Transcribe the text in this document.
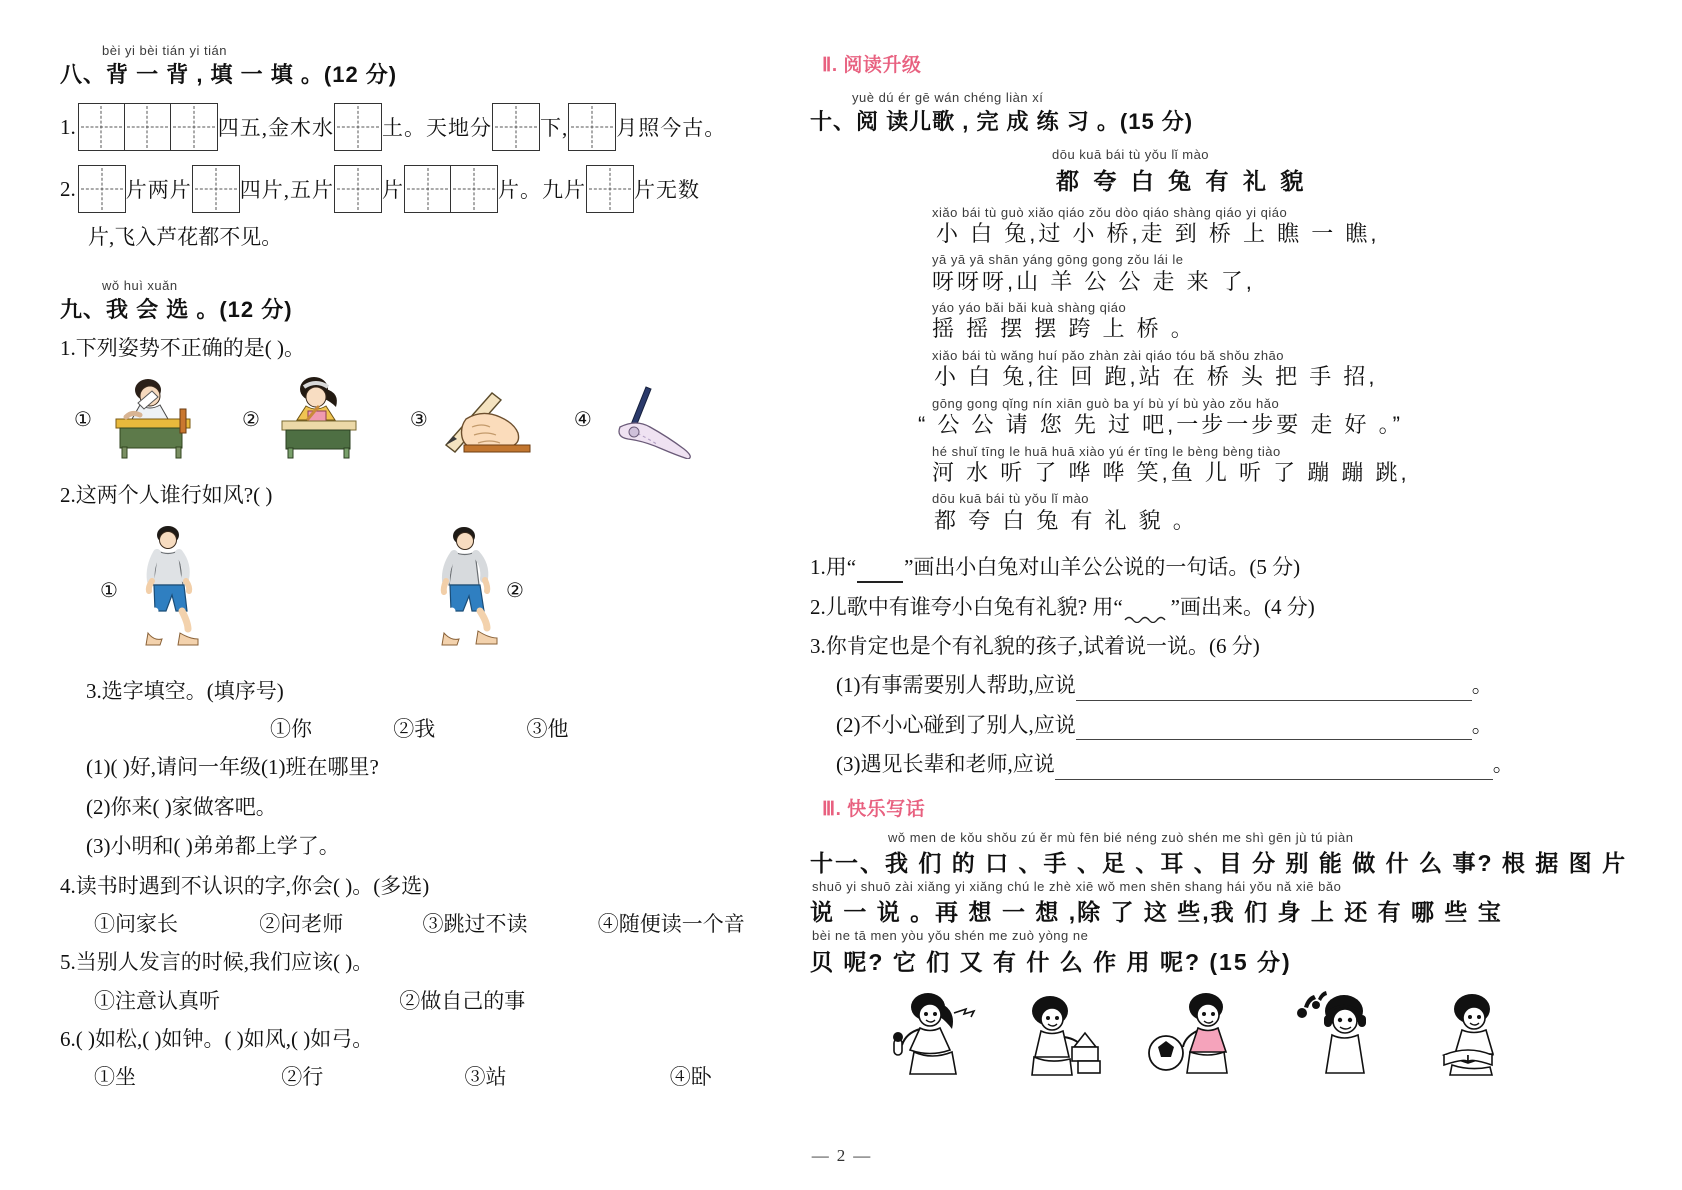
bèi yi bèi tián yi tián
八、背 一 背 , 填 一 填 。(12 分)
1.	四五,金木水 土。天地分 下, 月照今古。
2. 片两片 四片,五片 片	片。九片 片无数
片,飞入芦花都不见。
wǒ huì xuǎn
九、我 会 选 。(12 分)
1.下列姿势不正确的是( )。
①	②	③	④
2.这两个人谁行如风?( )
①	②
3.选字填空。(填序号)
①你	②我	③他
(1)( )好,请问一年级(1)班在哪里?
(2)你来( )家做客吧。
(3)小明和( )弟弟都上学了。
4.读书时遇到不认识的字,你会( )。(多选)
①问家长	②问老师	③跳过不读	④随便读一个音
5.当别人发言的时候,我们应该( )。
①注意认真听	②做自己的事
6.( )如松,( )如钟。( )如风,( )如弓。
①坐	②行	③站	④卧
Ⅱ. 阅读升级
yuè dú ér gē wán chéng liàn xí
十、阅 读儿歌 , 完 成 练 习 。(15 分)
dōu kuā bái tù yǒu lǐ mào
都 夸 白 兔 有 礼 貌
xiǎo bái tù guò xiǎo qiáo zǒu dòo qiáo shàng qiáo yi qiáo
小 白 兔,过 小 桥,走 到 桥 上 瞧 一 瞧,
yā yā yā shān yáng gōng gong zǒu lái le
呀呀呀,山 羊 公 公 走 来 了,
yáo yáo bǎi bǎi kuà shàng qiáo
摇 摇 摆 摆 跨 上 桥 。
xiǎo bái tù wǎng huí pǎo zhàn zài qiáo tóu bǎ shǒu zhāo
小 白 兔,往 回 跑,站 在 桥 头 把 手 招,
gōng gong qǐng nín xiān guò ba yí bù yí bù yào zǒu hǎo
“ 公 公 请 您 先 过 吧,一步一步要 走 好 。”
hé shuǐ tīng le huā huā xiào yú ér tīng le bèng bèng tiào
河 水 听 了 哗 哗 笑,鱼 儿 听 了 蹦 蹦 跳,
dōu kuā bái tù yǒu lǐ mào
都 夸 白 兔 有 礼 貌 。
1.用“ ”画出小白兔对山羊公公说的一句话。(5 分)
2.儿歌中有谁夸小白兔有礼貌? 用“ ”画出来。(4 分)
3.你肯定也是个有礼貌的孩子,试着说一说。(6 分)
(1)有事需要别人帮助,应说	。
(2)不小心碰到了别人,应说	。
(3)遇见长辈和老师,应说	。
Ⅲ. 快乐写话
wǒ men de kǒu shǒu zú ěr mù fēn bié néng zuò shén me shì gēn jù tú piàn
十一、我 们 的 口 、手 、足 、耳 、目 分 别 能 做 什 么 事? 根 据 图 片
shuō yi shuō zài xiǎng yi xiǎng chú le zhè xiē wǒ men shēn shang hái yǒu nǎ xiē bǎo
说 一 说 。再 想 一 想 ,除 了 这 些,我 们 身 上 还 有 哪 些 宝
bèi ne tā men yòu yǒu shén me zuò yòng ne
贝 呢? 它 们 又 有 什 么 作 用 呢? (15 分)
— 2 —
